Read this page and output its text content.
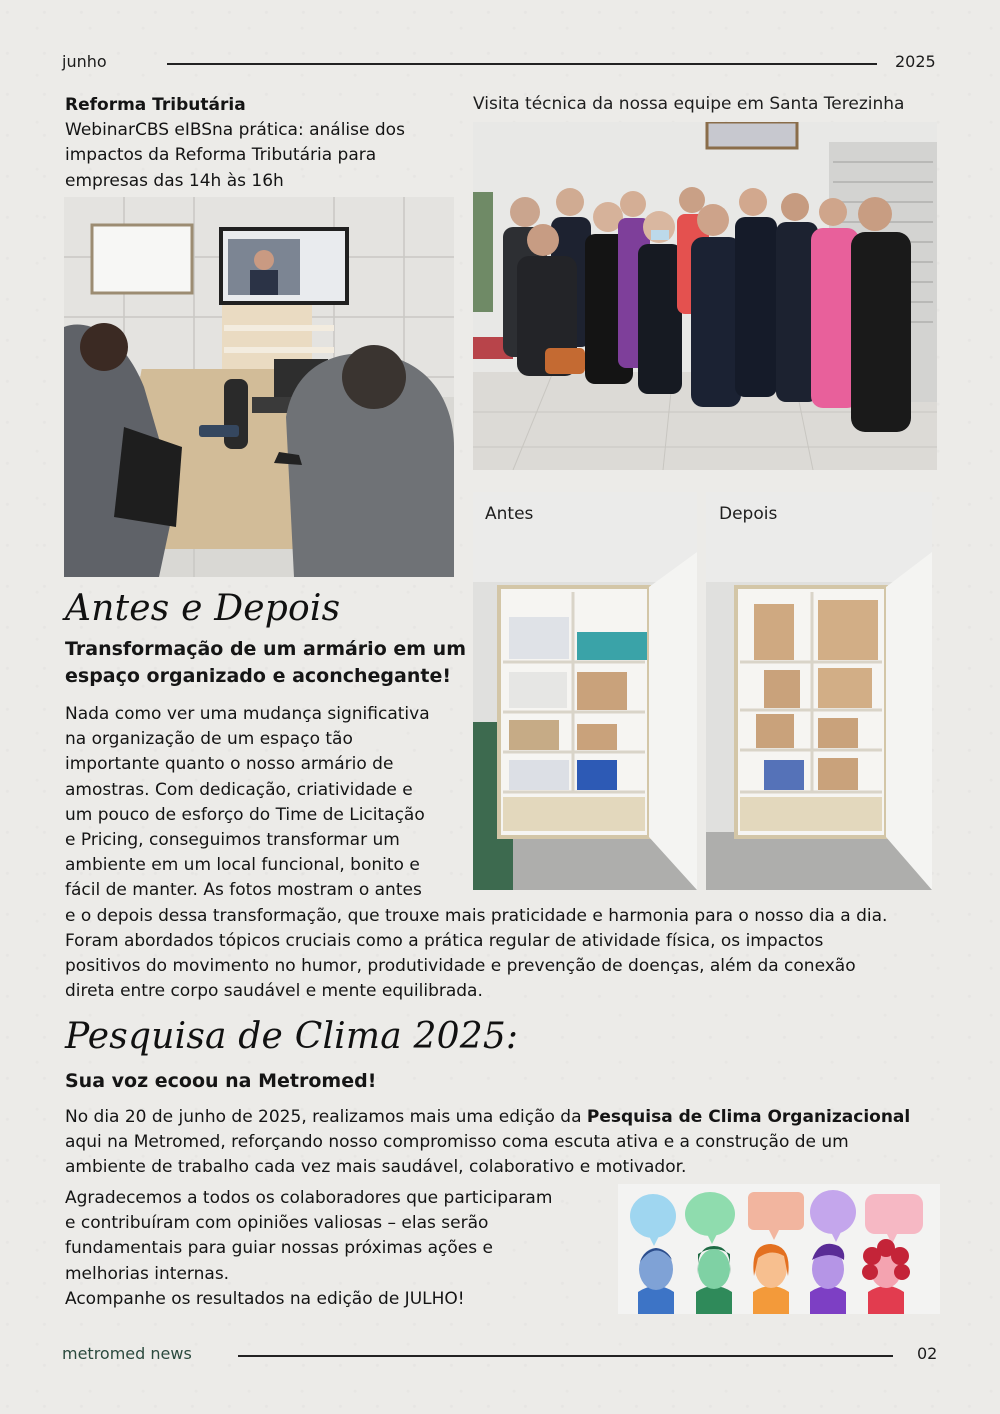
junho	2025
Reforma Tributária
WebinarCBS eIBSna prática: análise dos
impactos da Reforma Tributária para
empresas das 14h às 16h
Visita técnica da nossa equipe em Santa Terezinha
Antes	Depois
Antes e Depois
Transformação de um armário em um
espaço organizado e aconchegante!
Nada como ver uma mudança significativa
na organização de um espaço tão
importante quanto o nosso armário de
amostras. Com dedicação, criatividade e
um pouco de esforço do Time de Licitação
e Pricing, conseguimos transformar um
ambiente em um local funcional, bonito e
fácil de manter. As fotos mostram o antes
e o depois dessa transformação, que trouxe mais praticidade e harmonia para o nosso dia a dia.
Foram abordados tópicos cruciais como a prática regular de atividade física, os impactos
positivos do movimento no humor, produtividade e prevenção de doenças, além da conexão
direta entre corpo saudável e mente equilibrada.
Pesquisa de Clima 2025:
Sua voz ecoou na Metromed!
No dia 20 de junho de 2025, realizamos mais uma edição da Pesquisa de Clima Organizacional
aqui na Metromed, reforçando nosso compromisso coma escuta ativa e a construção de um
ambiente de trabalho cada vez mais saudável, colaborativo e motivador.
Agradecemos a todos os colaboradores que participaram
e contribuíram com opiniões valiosas – elas serão
fundamentais para guiar nossas próximas ações e
melhorias internas.
Acompanhe os resultados na edição de JULHO!
metromed news	02
